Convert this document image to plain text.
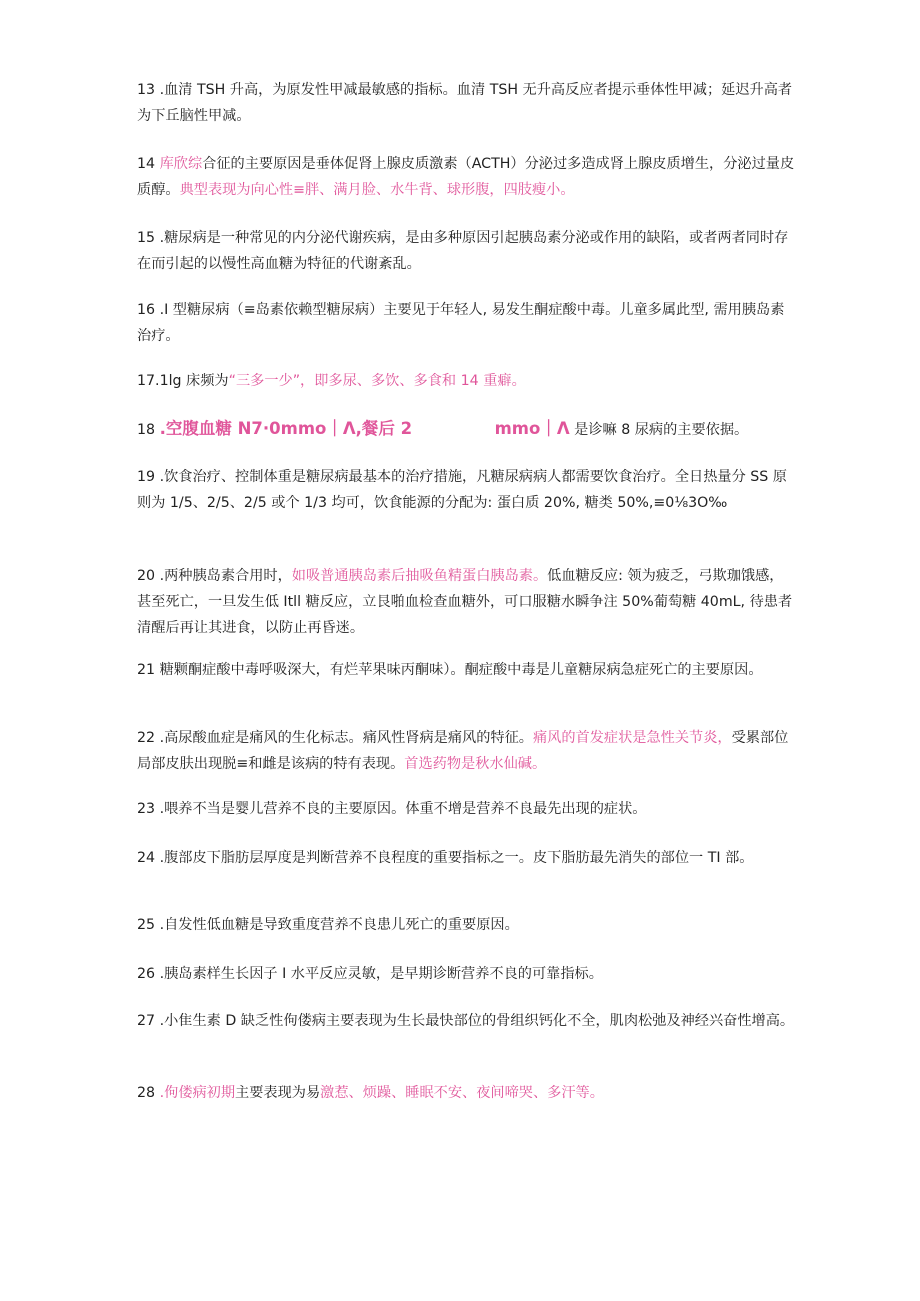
13 .血清 TSH 升高，为原发性甲减最敏感的指标。血清 TSH 无升高反应者提示垂体性甲减；延迟升高者为下丘脑性甲减。

14 库欣综合征的主要原因是垂体促肾上腺皮质激素（ACTH）分泌过多造成肾上腺皮质增生，分泌过量皮质醇。典型表现为向心性≡胖、满月脸、水牛背、球形腹，四肢瘦小。

15 .糖尿病是一种常见的内分泌代谢疾病，是由多种原因引起胰岛素分泌或作用的缺陷，或者两者同时存在而引起的以慢性高血糖为特征的代谢紊乱。

16 .I 型糖尿病（≡岛素依赖型糖尿病）主要见于年轻人, 易发生酮症酸中毒。儿童多属此型, 需用胰岛素治疗。

17.1lg 床频为“三多一少”，即多尿、多饮、多食和 14 重癖。

18 .空腹血糖 N7·0mmo｜Λ,餐后 2　　　　　mmo｜Λ 是诊嘛 8 尿病的主要依据。

19 .饮食治疗、控制体重是糖尿病最基本的治疗措施，凡糖尿病病人都需要饮食治疗。全日热量分 SS 原则为 1/5、2/5、2/5 或个 1/3 均可，饮食能源的分配为: 蛋白质 20%, 糖类 50%,≡0⅛3O‰

20 .两种胰岛素合用时，如吸普通胰岛素后抽吸鱼精蛋白胰岛素。低血糖反应: 领为疲乏，弓欺珈饿感，甚至死亡，一旦发生低 Itll 糖反应，立艮啪血检查血糖外，可口服糖水瞬争注 50%葡萄糖 40mL, 待患者清醒后再让其进食，以防止再昏迷。

21 糖颗酮症酸中毒呼吸深大，有烂苹果味丙酮味）。酮症酸中毒是儿童糖尿病急症死亡的主要原因。

22 .高尿酸血症是痛风的生化标志。痛风性肾病是痛风的特征。痛风的首发症状是急性关节炎，受累部位局部皮肤出现脱≡和雌是该病的特有表现。首选药物是秋水仙碱。

23 .喂养不当是婴儿营养不良的主要原因。体重不增是营养不良最先出现的症状。

24 .腹部皮下脂肪层厚度是判断营养不良程度的重要指标之一。皮下脂肪最先消失的部位一 TI 部。

25 .自发性低血糖是导致重度营养不良患儿死亡的重要原因。

26 .胰岛素样生长因子 I 水平反应灵敏，是早期诊断营养不良的可靠指标。

27 .小隹生素 D 缺乏性佝偻病主要表现为生长最快部位的骨组织钙化不全，肌肉松弛及神经兴奋性增高。

28 .佝偻病初期主要表现为易激惹、烦躁、睡眠不安、夜间啼哭、多汗等。
